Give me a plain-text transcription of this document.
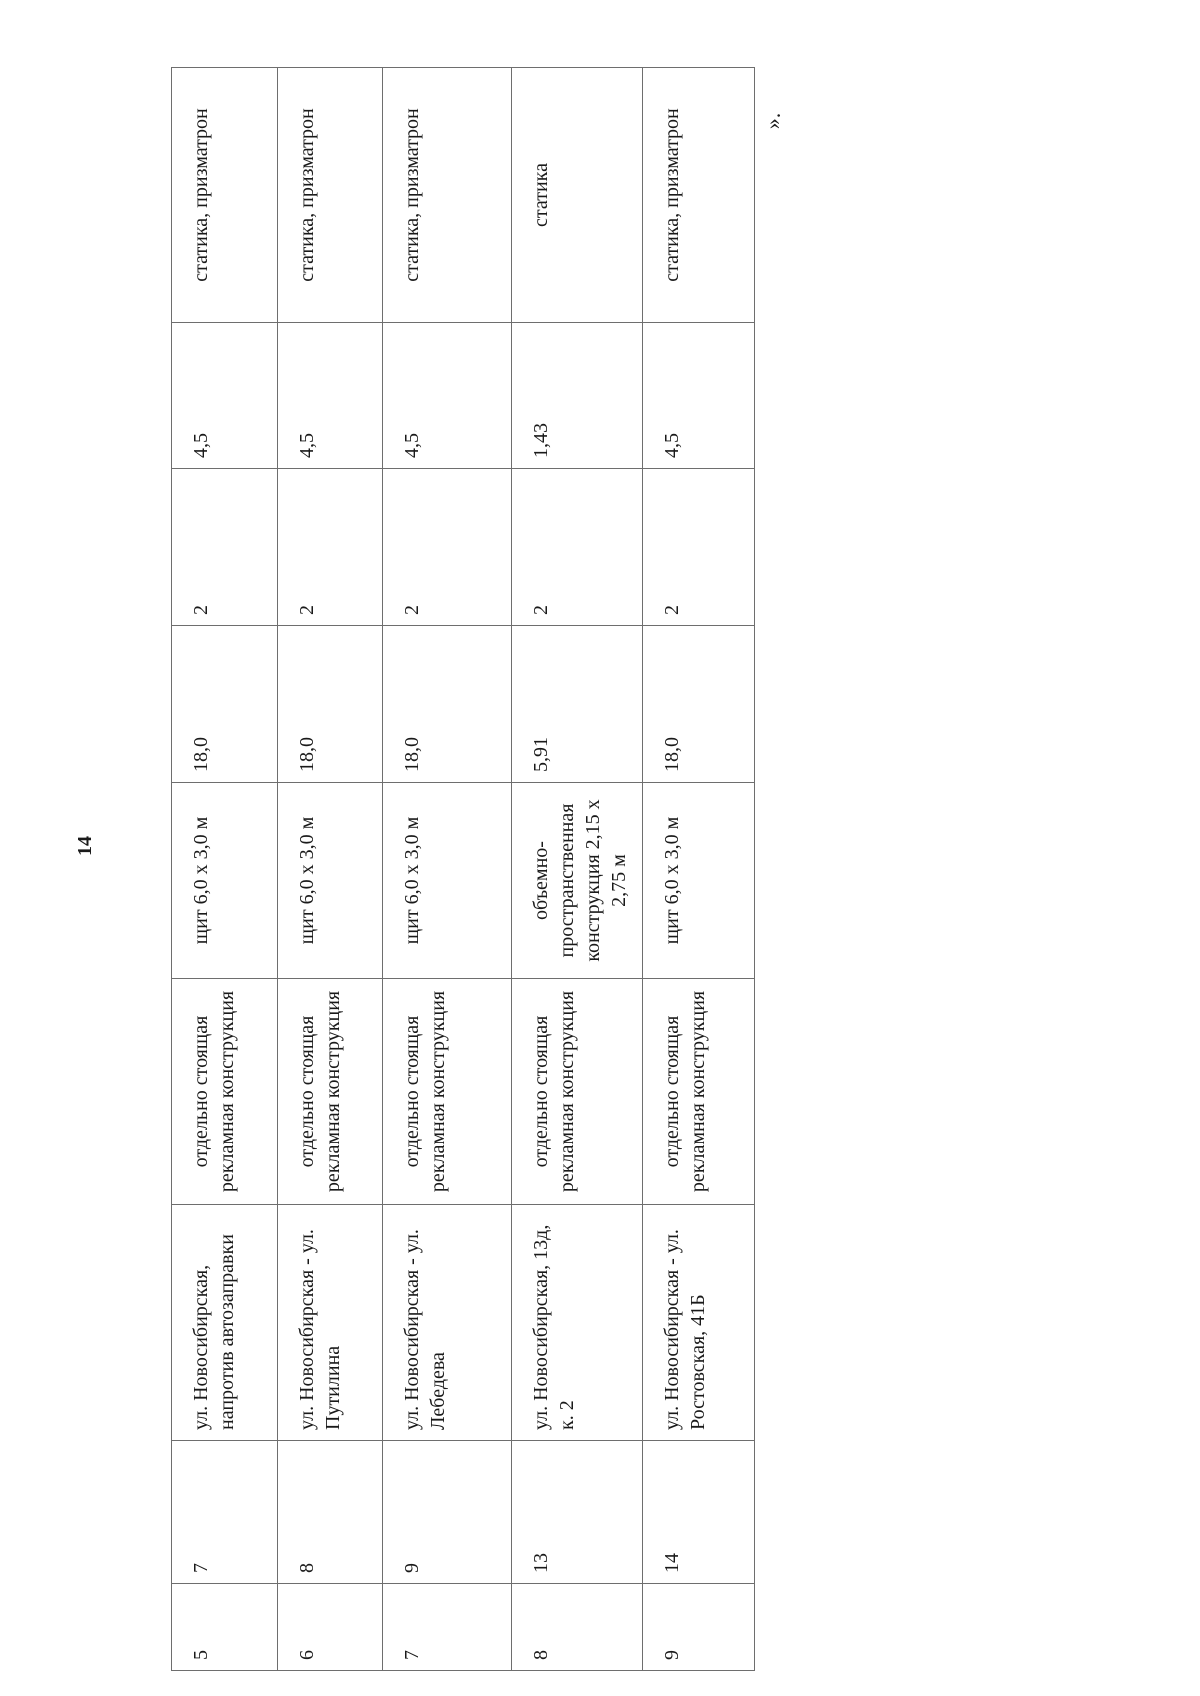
14
5	7	ул. Новосибирская, напротив автозаправки	отдельно стоящая рекламная конструкция	щит 6,0 х 3,0 м	18,0	2	4,5	статика, призматрон
6	8	ул. Новосибирская - ул. Путилина	отдельно стоящая рекламная конструкция	щит 6,0 х 3,0 м	18,0	2	4,5	статика, призматрон
7	9	ул. Новосибирская - ул. Лебедева	отдельно стоящая рекламная конструкция	щит 6,0 х 3,0 м	18,0	2	4,5	статика, призматрон
8	13	ул. Новосибирская, 13д, к. 2	отдельно стоящая рекламная конструкция	объемно-пространственная конструкция 2,15 х 2,75 м	5,91	2	1,43	статика
9	14	ул. Новосибирская - ул. Ростовская, 41Б	отдельно стоящая рекламная конструкция	щит 6,0 х 3,0 м	18,0	2	4,5	статика, призматрон	».
